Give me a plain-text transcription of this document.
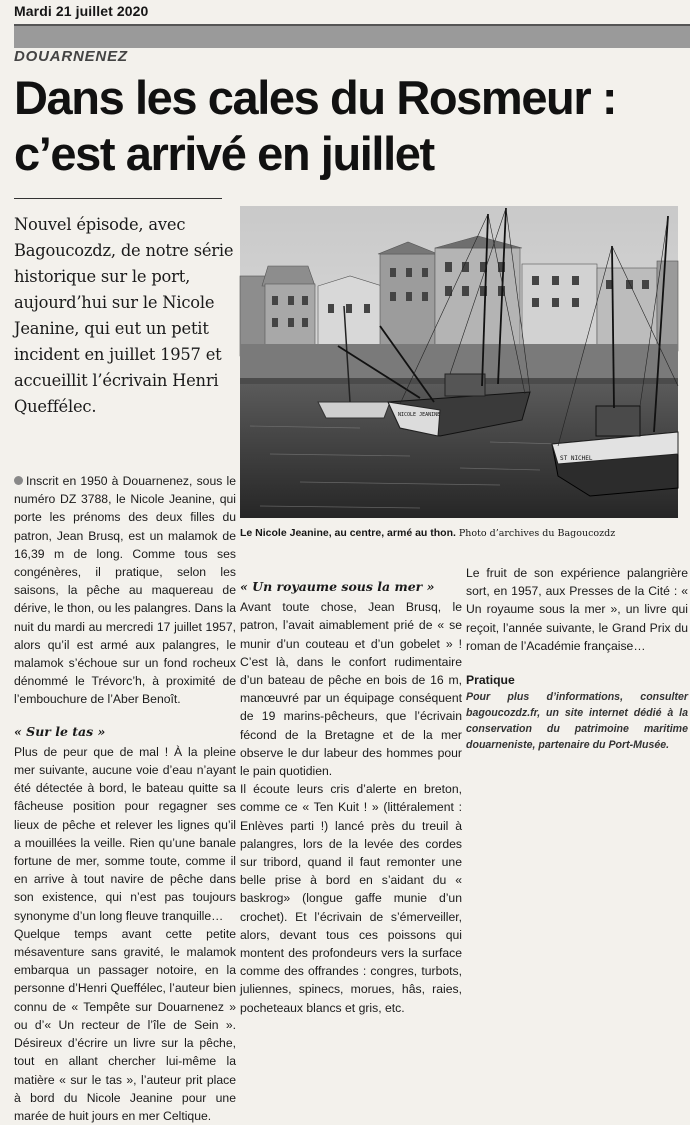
Mardi 21 juillet 2020
DOUARNENEZ
Dans les cales du Rosmeur :
c’est arrivé en juillet
Nouvel épisode, avec Bagoucozdz, de notre série historique sur le port, aujourd’hui sur le Nicole Jeanine, qui eut un petit incident en juillet 1957 et accueillit l’écrivain Henri Queffélec.	NICOLE JEANINE
ST NICHEL
Le Nicole Jeanine, au centre, armé au thon. Photo d’archives du Bagoucozdz

Inscrit en 1950 à Douarnenez, sous le numéro DZ 3788, le Nicole Jeanine, qui porte les prénoms des deux filles du patron, Jean Brusq, est un malamok de 16,39 m de long. Comme tous ses congénères, il pratique, selon les saisons, la pêche au maquereau de dérive, le thon, ou les palangres. Dans la nuit du mardi au mercredi 17 juillet 1957, alors qu’il est armé aux palangres, le malamok s’échoue sur un fond rocheux dénommé le Trévorc’h, à proximité de l’embouchure de l’Aber Benoît.

« Sur le tas »

Plus de peur que de mal ! À la pleine mer suivante, aucune voie d’eau n’ayant été détectée à bord, le bateau quitte sa fâcheuse position pour regagner ses lieux de pêche et relever les lignes qu’il a mouillées la veille. Rien qu’une banale fortune de mer, somme toute, comme il en arrive à tout navire de pêche dans son existence, qui n’est pas toujours synonyme d’un long fleuve tranquille…

Quelque temps avant cette petite mésaventure sans gravité, le malamok embarqua un passager notoire, en la personne d’Henri Queffélec, l’auteur bien connu de « Tempête sur Douarnenez » ou d’« Un recteur de l’île de Sein ». Désireux d’écrire un livre sur la pêche, tout en allant chercher lui-même la matière « sur le tas », l’auteur prit place à bord du Nicole Jeanine pour une marée de huit jours en mer Celtique.

« Un royaume sous la mer »

Avant toute chose, Jean Brusq, le patron, l’avait aimablement prié de « se munir d’un couteau et d’un gobelet » ! C’est là, dans le confort rudimentaire d’un bateau de pêche en bois de 16 m, manœuvré par un équipage conséquent de 19 marins-pêcheurs, que l’écrivain fécond de la Bretagne et de la mer observe le dur labeur des hommes pour le pain quotidien.

Il écoute leurs cris d’alerte en breton, comme ce « Ten Kuit ! » (littéralement : Enlèves parti !) lancé près du treuil à palangres, lors de la levée des cordes sur tribord, quand il faut remonter une belle prise à bord en s’aidant du « baskrog» (longue gaffe munie d’un crochet). Et l’écrivain de s’émerveiller, alors, devant tous ces poissons qui montent des profondeurs vers la surface comme des offrandes : congres, turbots, juliennes, spinecs, morues, hâs, raies, pocheteaux blancs et gris, etc.

Le fruit de son expérience palangrière sort, en 1957, aux Presses de la Cité : « Un royaume sous la mer », un livre qui reçoit, l’année suivante, le Grand Prix du roman de l’Académie française…

Pratique

Pour plus d’informations, consulter bagoucozdz.fr, un site internet dédié à la conservation du patrimoine maritime douarneniste, partenaire du Port-Musée.
